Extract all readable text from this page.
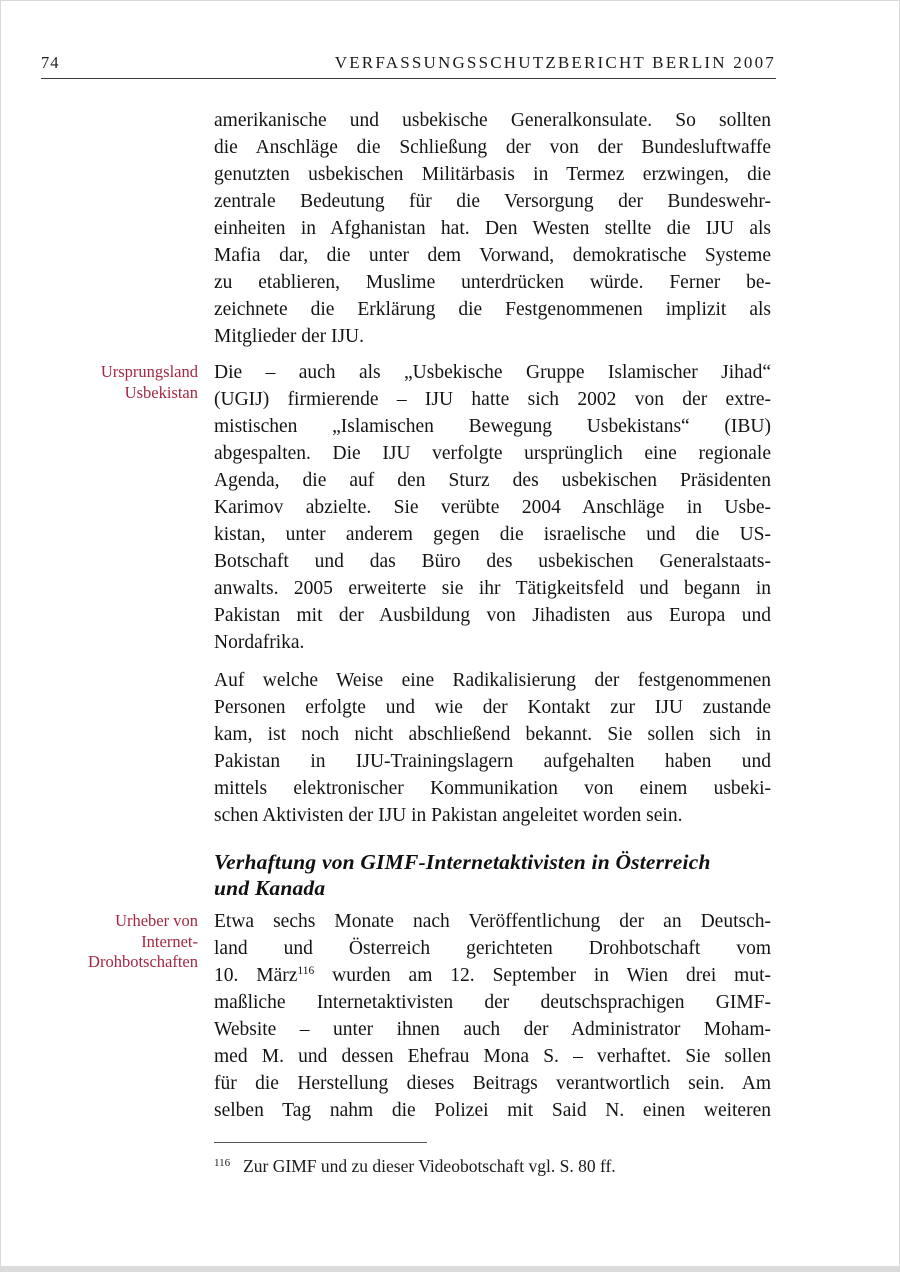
74	VERFASSUNGSSCHUTZBERICHT BERLIN 2007
amerikanische und usbekische Generalkonsulate. So sollten
die Anschläge die Schließung der von der Bundesluftwaffe
genutzten usbekischen Militärbasis in Termez erzwingen, die
zentrale Bedeutung für die Versorgung der Bundeswehr-
einheiten in Afghanistan hat. Den Westen stellte die IJU als
Mafia dar, die unter dem Vorwand, demokratische Systeme
zu etablieren, Muslime unterdrücken würde. Ferner be-
zeichnete die Erklärung die Festgenommenen implizit als
Mitglieder der IJU.
Ursprungsland
Usbekistan
Die – auch als „Usbekische Gruppe Islamischer Jihad“
(UGIJ) firmierende – IJU hatte sich 2002 von der extre-
mistischen „Islamischen Bewegung Usbekistans“ (IBU)
abgespalten. Die IJU verfolgte ursprünglich eine regionale
Agenda, die auf den Sturz des usbekischen Präsidenten
Karimov abzielte. Sie verübte 2004 Anschläge in Usbe-
kistan, unter anderem gegen die israelische und die US-
Botschaft und das Büro des usbekischen Generalstaats-
anwalts. 2005 erweiterte sie ihr Tätigkeitsfeld und begann in
Pakistan mit der Ausbildung von Jihadisten aus Europa und
Nordafrika.
Auf welche Weise eine Radikalisierung der festgenommenen
Personen erfolgte und wie der Kontakt zur IJU zustande
kam, ist noch nicht abschließend bekannt. Sie sollen sich in
Pakistan in IJU-Trainingslagern aufgehalten haben und
mittels elektronischer Kommunikation von einem usbeki-
schen Aktivisten der IJU in Pakistan angeleitet worden sein.
Verhaftung von GIMF-Internetaktivisten in Österreich
und Kanada
Urheber von
Internet-
Drohbotschaften
Etwa sechs Monate nach Veröffentlichung der an Deutsch-
land und Österreich gerichteten Drohbotschaft vom
10. März$^{116}$ wurden am 12. September in Wien drei mut-
maßliche Internetaktivisten der deutschsprachigen GIMF-
Website – unter ihnen auch der Administrator Moham-
med M. und dessen Ehefrau Mona S. – verhaftet. Sie sollen
für die Herstellung dieses Beitrags verantwortlich sein. Am
selben Tag nahm die Polizei mit Said N. einen weiteren
116 Zur GIMF und zu dieser Videobotschaft vgl. S. 80 ff.
